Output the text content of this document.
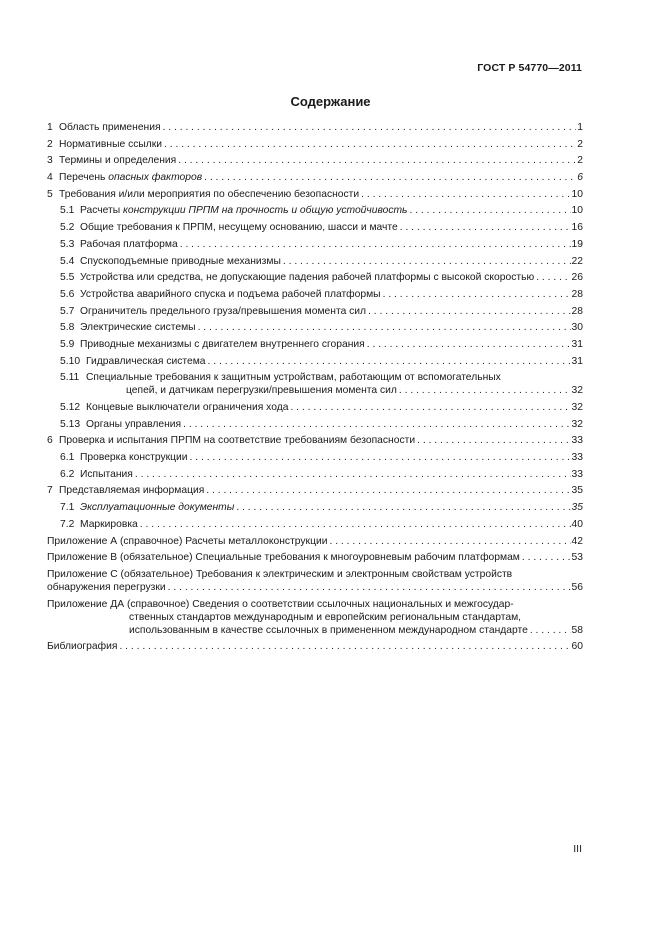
ГОСТ Р 54770—2011
Содержание
1 Область применения . . .	1
2 Нормативные ссылки . . .	2
3 Термины и определения . . .	2
4 Перечень опасных факторов . . .	6
5 Требования и/или мероприятия по обеспечению безопасности . . .	10
5.1 Расчеты конструкции ПРПМ на прочность и общую устойчивость . . .	10
5.2 Общие требования к ПРПМ, несущему основанию, шасси и мачте . . .	16
5.3 Рабочая платформа . . .	19
5.4 Спускоподъемные приводные механизмы . . .	22
5.5 Устройства или средства, не допускающие падения рабочей платформы с высокой скоростью . . .	26
5.6 Устройства аварийного спуска и подъема рабочей платформы . . .	28
5.7 Ограничитель предельного груза/превышения момента сил . . .	28
5.8 Электрические системы . . .	30
5.9 Приводные механизмы с двигателем внутреннего сгорания . . .	31
5.10 Гидравлическая система . . .	31
5.11 Специальные требования к защитным устройствам, работающим от вспомогательных
цепей, и датчикам перегрузки/превышения момента сил . . .	32
5.12 Концевые выключатели ограничения хода . . .	32
5.13 Органы управления . . .	32
6 Проверка и испытания ПРПМ на соответствие требованиям безопасности . . .	33
6.1 Проверка конструкции . . .	33
6.2 Испытания . . .	33
7 Представляемая информация . . .	35
7.1 Эксплуатационные документы . . .	35
7.2 Маркировка . . .	40
Приложение А (справочное) Расчеты металлоконструкции . . .	42
Приложение В (обязательное) Специальные требования к многоуровневым рабочим платформам . . .	53
Приложение С (обязательное) Требования к электрическим и электронным свойствам устройств
обнаружения перегрузки . . .	56
Приложение ДА (справочное) Сведения о соответствии ссылочных национальных и межгосудар-
ственных стандартов международным и европейским региональным стандартам,
использованным в качестве ссылочных в примененном международном стандарте . . .	58
Библиография . . .	60
III
